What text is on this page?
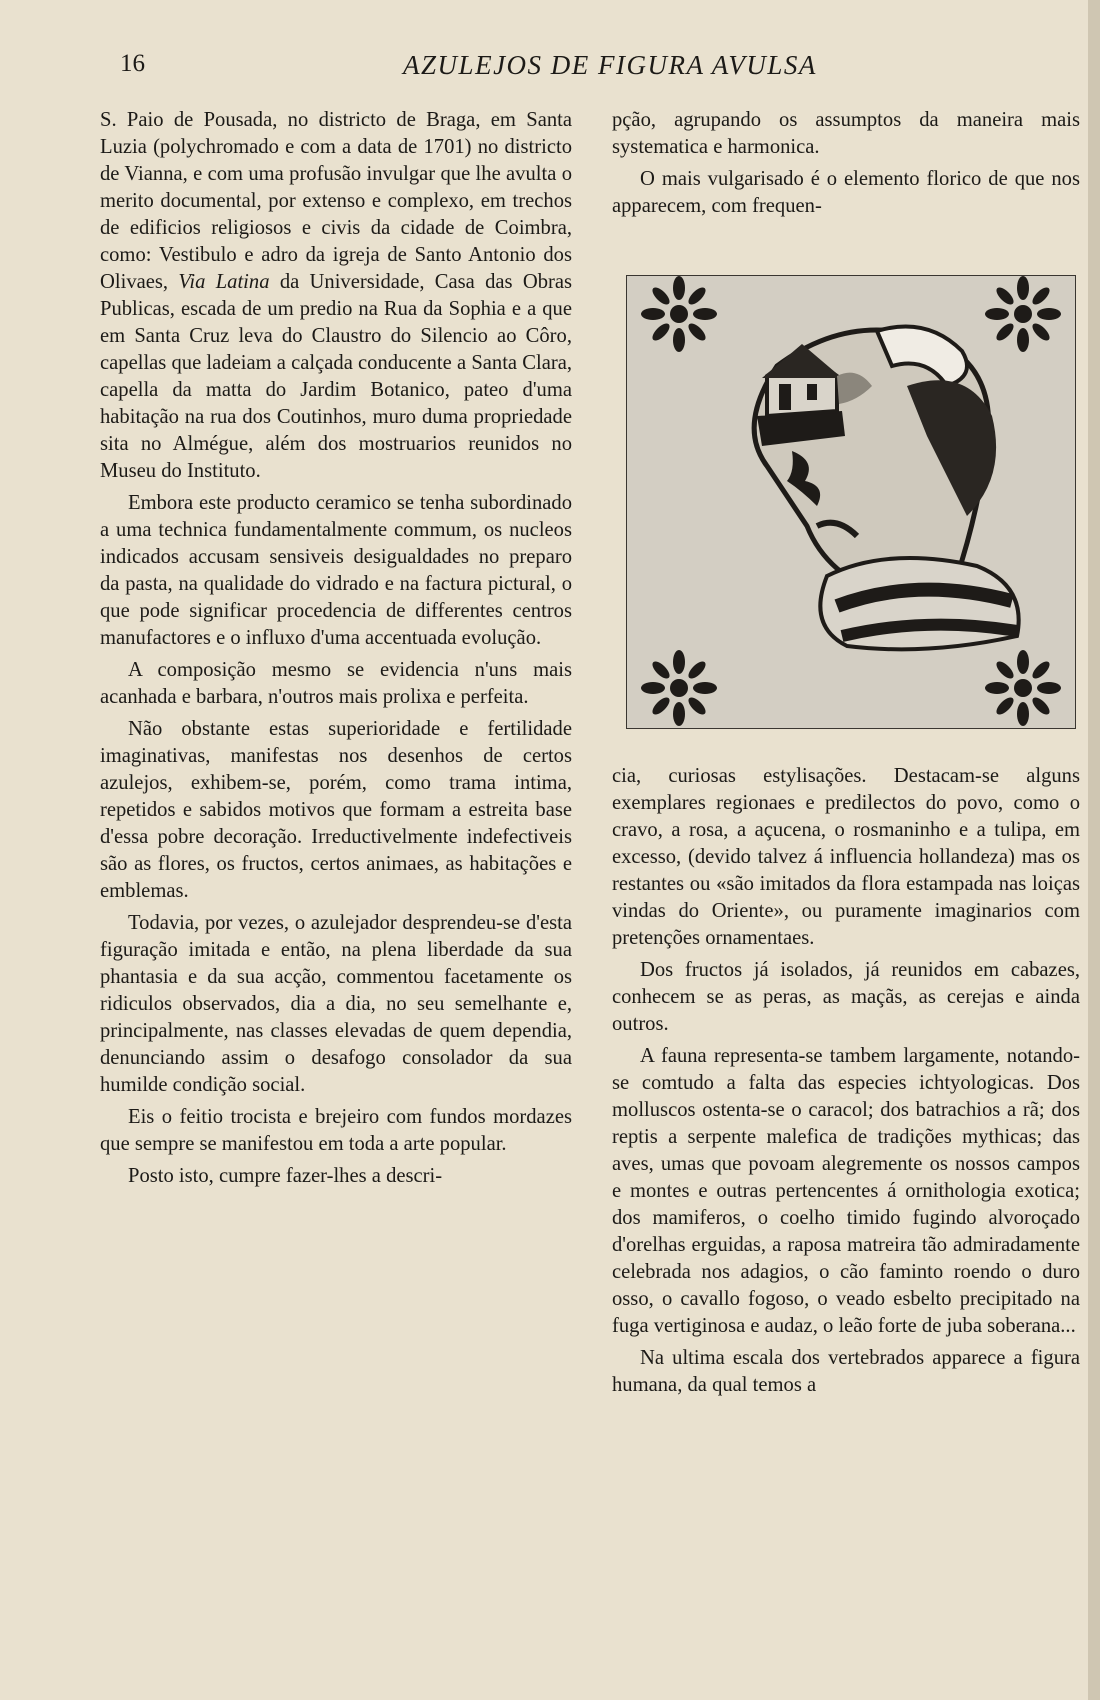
16	AZULEJOS DE FIGURA AVULSA

S. Paio de Pousada, no districto de Braga, em Santa Luzia (polychromado e com a data de 1701) no districto de Vianna, e com uma profusão invulgar que lhe avulta o merito documental, por extenso e complexo, em trechos de edificios religiosos e civis da cidade de Coimbra, como: Vestibulo e adro da igreja de Santo Antonio dos Olivaes, Via Latina da Universidade, Casa das Obras Publicas, escada de um predio na Rua da Sophia e a que em Santa Cruz leva do Claustro do Silencio ao Côro, capellas que ladeiam a calçada conducente a Santa Clara, capella da matta do Jardim Botanico, pateo d'uma habitação na rua dos Coutinhos, muro duma propriedade sita no Almégue, além dos mostruarios reunidos no Museu do Instituto.

Embora este producto ceramico se tenha subordinado a uma technica fundamentalmente commum, os nucleos indicados accusam sensiveis desigualdades no preparo da pasta, na qualidade do vidrado e na factura pictural, o que pode significar procedencia de differentes centros manufactores e o influxo d'uma accentuada evolução.

A composição mesmo se evidencia n'uns mais acanhada e barbara, n'outros mais prolixa e perfeita.

Não obstante estas superioridade e fertilidade imaginativas, manifestas nos desenhos de certos azulejos, exhibem-se, porém, como trama intima, repetidos e sabidos motivos que formam a estreita base d'essa pobre decoração. Irreductivelmente indefectiveis são as flores, os fructos, certos animaes, as habitações e emblemas.

Todavia, por vezes, o azulejador desprendeu-se d'esta figuração imitada e então, na plena liberdade da sua phantasia e da sua acção, commentou facetamente os ridiculos observados, dia a dia, no seu semelhante e, principalmente, nas classes elevadas de quem dependia, denunciando assim o desafogo consolador da sua humilde condição social.

Eis o feitio trocista e brejeiro com fundos mordazes que sempre se manifestou em toda a arte popular.

Posto isto, cumpre fazer-lhes a descri-

pção, agrupando os assumptos da maneira mais systematica e harmonica.

O mais vulgarisado é o elemento florico de que nos apparecem, com frequen-

cia, curiosas estylisações. Destacam-se alguns exemplares regionaes e predilectos do povo, como o cravo, a rosa, a açucena, o rosmaninho e a tulipa, em excesso, (devido talvez á influencia hollandeza) mas os restantes ou «são imitados da flora estampada nas loiças vindas do Oriente», ou puramente imaginarios com pretenções ornamentaes.

Dos fructos já isolados, já reunidos em cabazes, conhecem se as peras, as maçãs, as cerejas e ainda outros.

A fauna representa-se tambem largamente, notando-se comtudo a falta das especies ichtyologicas. Dos molluscos ostenta-se o caracol; dos batrachios a rã; dos reptis a serpente malefica de tradições mythicas; das aves, umas que povoam alegremente os nossos campos e montes e outras pertencentes á ornithologia exotica; dos mamiferos, o coelho timido fugindo alvoroçado d'orelhas erguidas, a raposa matreira tão admiradamente celebrada nos adagios, o cão faminto roendo o duro osso, o cavallo fogoso, o veado esbelto precipitado na fuga vertiginosa e audaz, o leão forte de juba soberana...

Na ultima escala dos vertebrados apparece a figura humana, da qual temos a
